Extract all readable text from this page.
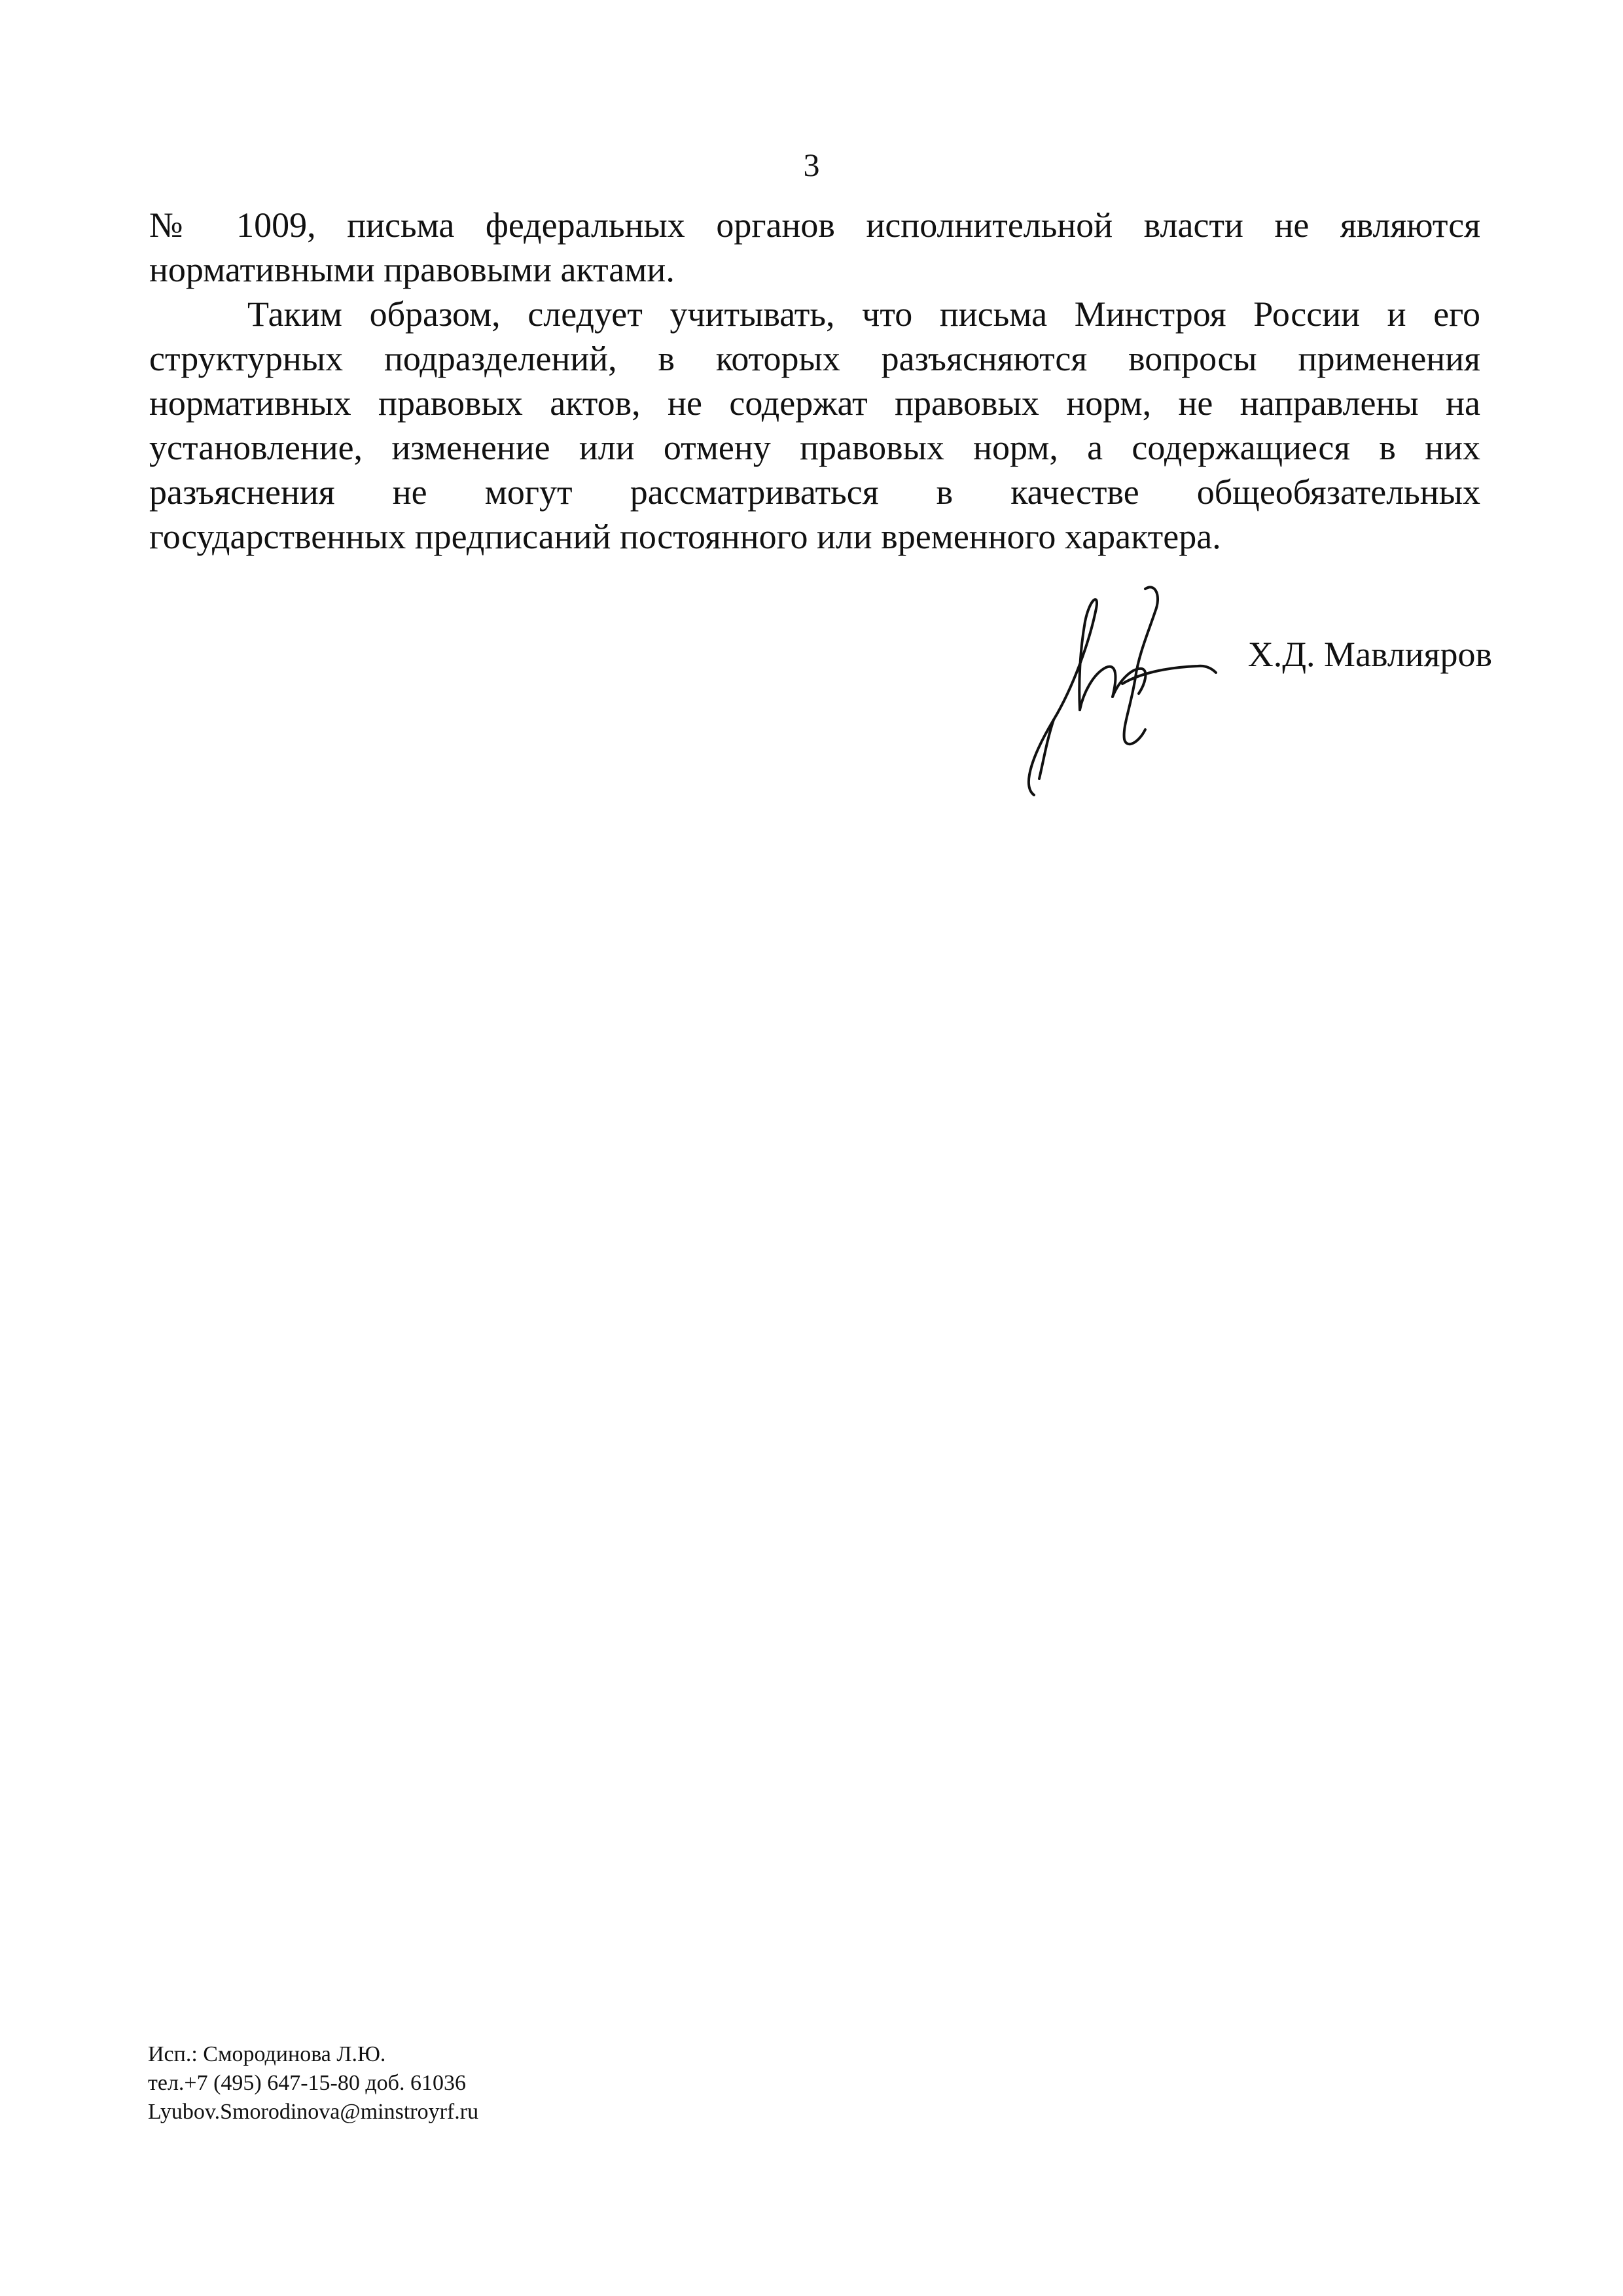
3
№ 1009, письма федеральных органов исполнительной власти не являются
нормативными правовыми актами.
Таким образом, следует учитывать, что письма Минстроя России и его
структурных подразделений, в которых разъясняются вопросы применения
нормативных правовых актов, не содержат правовых норм, не направлены на
установление, изменение или отмену правовых норм, а содержащиеся в них
разъяснения не могут рассматриваться в качестве общеобязательных
государственных предписаний постоянного или временного характера.
Х.Д. Мавлияров
Исп.: Смородинова Л.Ю.
тел.+7 (495) 647-15-80 доб. 61036
Lyubov.Smorodinova@minstroyrf.ru
